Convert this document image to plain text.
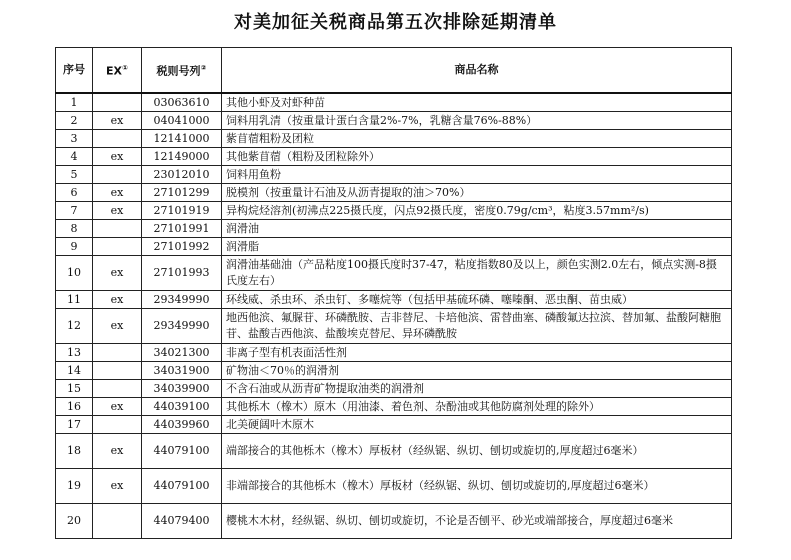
对美加征关税商品第五次排除延期清单
序号	EX①	税则号列②	商品名称
1		03063610	其他小虾及对虾种苗
2	ex	04041000	饲料用乳清（按重量计蛋白含量2%-7%，乳糖含量76%-88%）
3		12141000	紫苜蓿粗粉及团粒
4	ex	12149000	其他紫苜蓿（粗粉及团粒除外）
5		23012010	饲料用鱼粉
6	ex	27101299	脱模剂（按重量计石油及从沥青提取的油＞70%）
7	ex	27101919	异构烷烃溶剂(初沸点225摄氏度，闪点92摄氏度，密度0.79g/cm³，粘度3.57mm²/s)
8		27101991	润滑油
9		27101992	润滑脂
10	ex	27101993	润滑油基础油（产品粘度100摄氏度时37-47，粘度指数80及以上，颜色实测2.0左右，倾点实测-8摄氏度左右）
11	ex	29349990	环线威、杀虫环、杀虫钉、多噻烷等（包括甲基硫环磷、噻嗪酮、恶虫酮、苗虫威）
12	ex	29349990	地西他滨、氟脲苷、环磷酰胺、吉非替尼、卡培他滨、雷替曲塞、磷酸氟达拉滨、替加氟、盐酸阿糖胞苷、盐酸吉西他滨、盐酸埃克替尼、异环磷酰胺
13		34021300	非离子型有机表面活性剂
14		34031900	矿物油＜70％的润滑剂
15		34039900	不含石油或从沥青矿物提取油类的润滑剂
16	ex	44039100	其他栎木（橡木）原木（用油漆、着色剂、杂酚油或其他防腐剂处理的除外）
17		44039960	北美硬阔叶木原木
18	ex	44079100	端部接合的其他栎木（橡木）厚板材（经纵锯、纵切、刨切或旋切的,厚度超过6毫米）
19	ex	44079100	非端部接合的其他栎木（橡木）厚板材（经纵锯、纵切、刨切或旋切的,厚度超过6毫米）
20		44079400	樱桃木木材，经纵锯、纵切、刨切或旋切，不论是否刨平、砂光或端部接合，厚度超过6毫米
